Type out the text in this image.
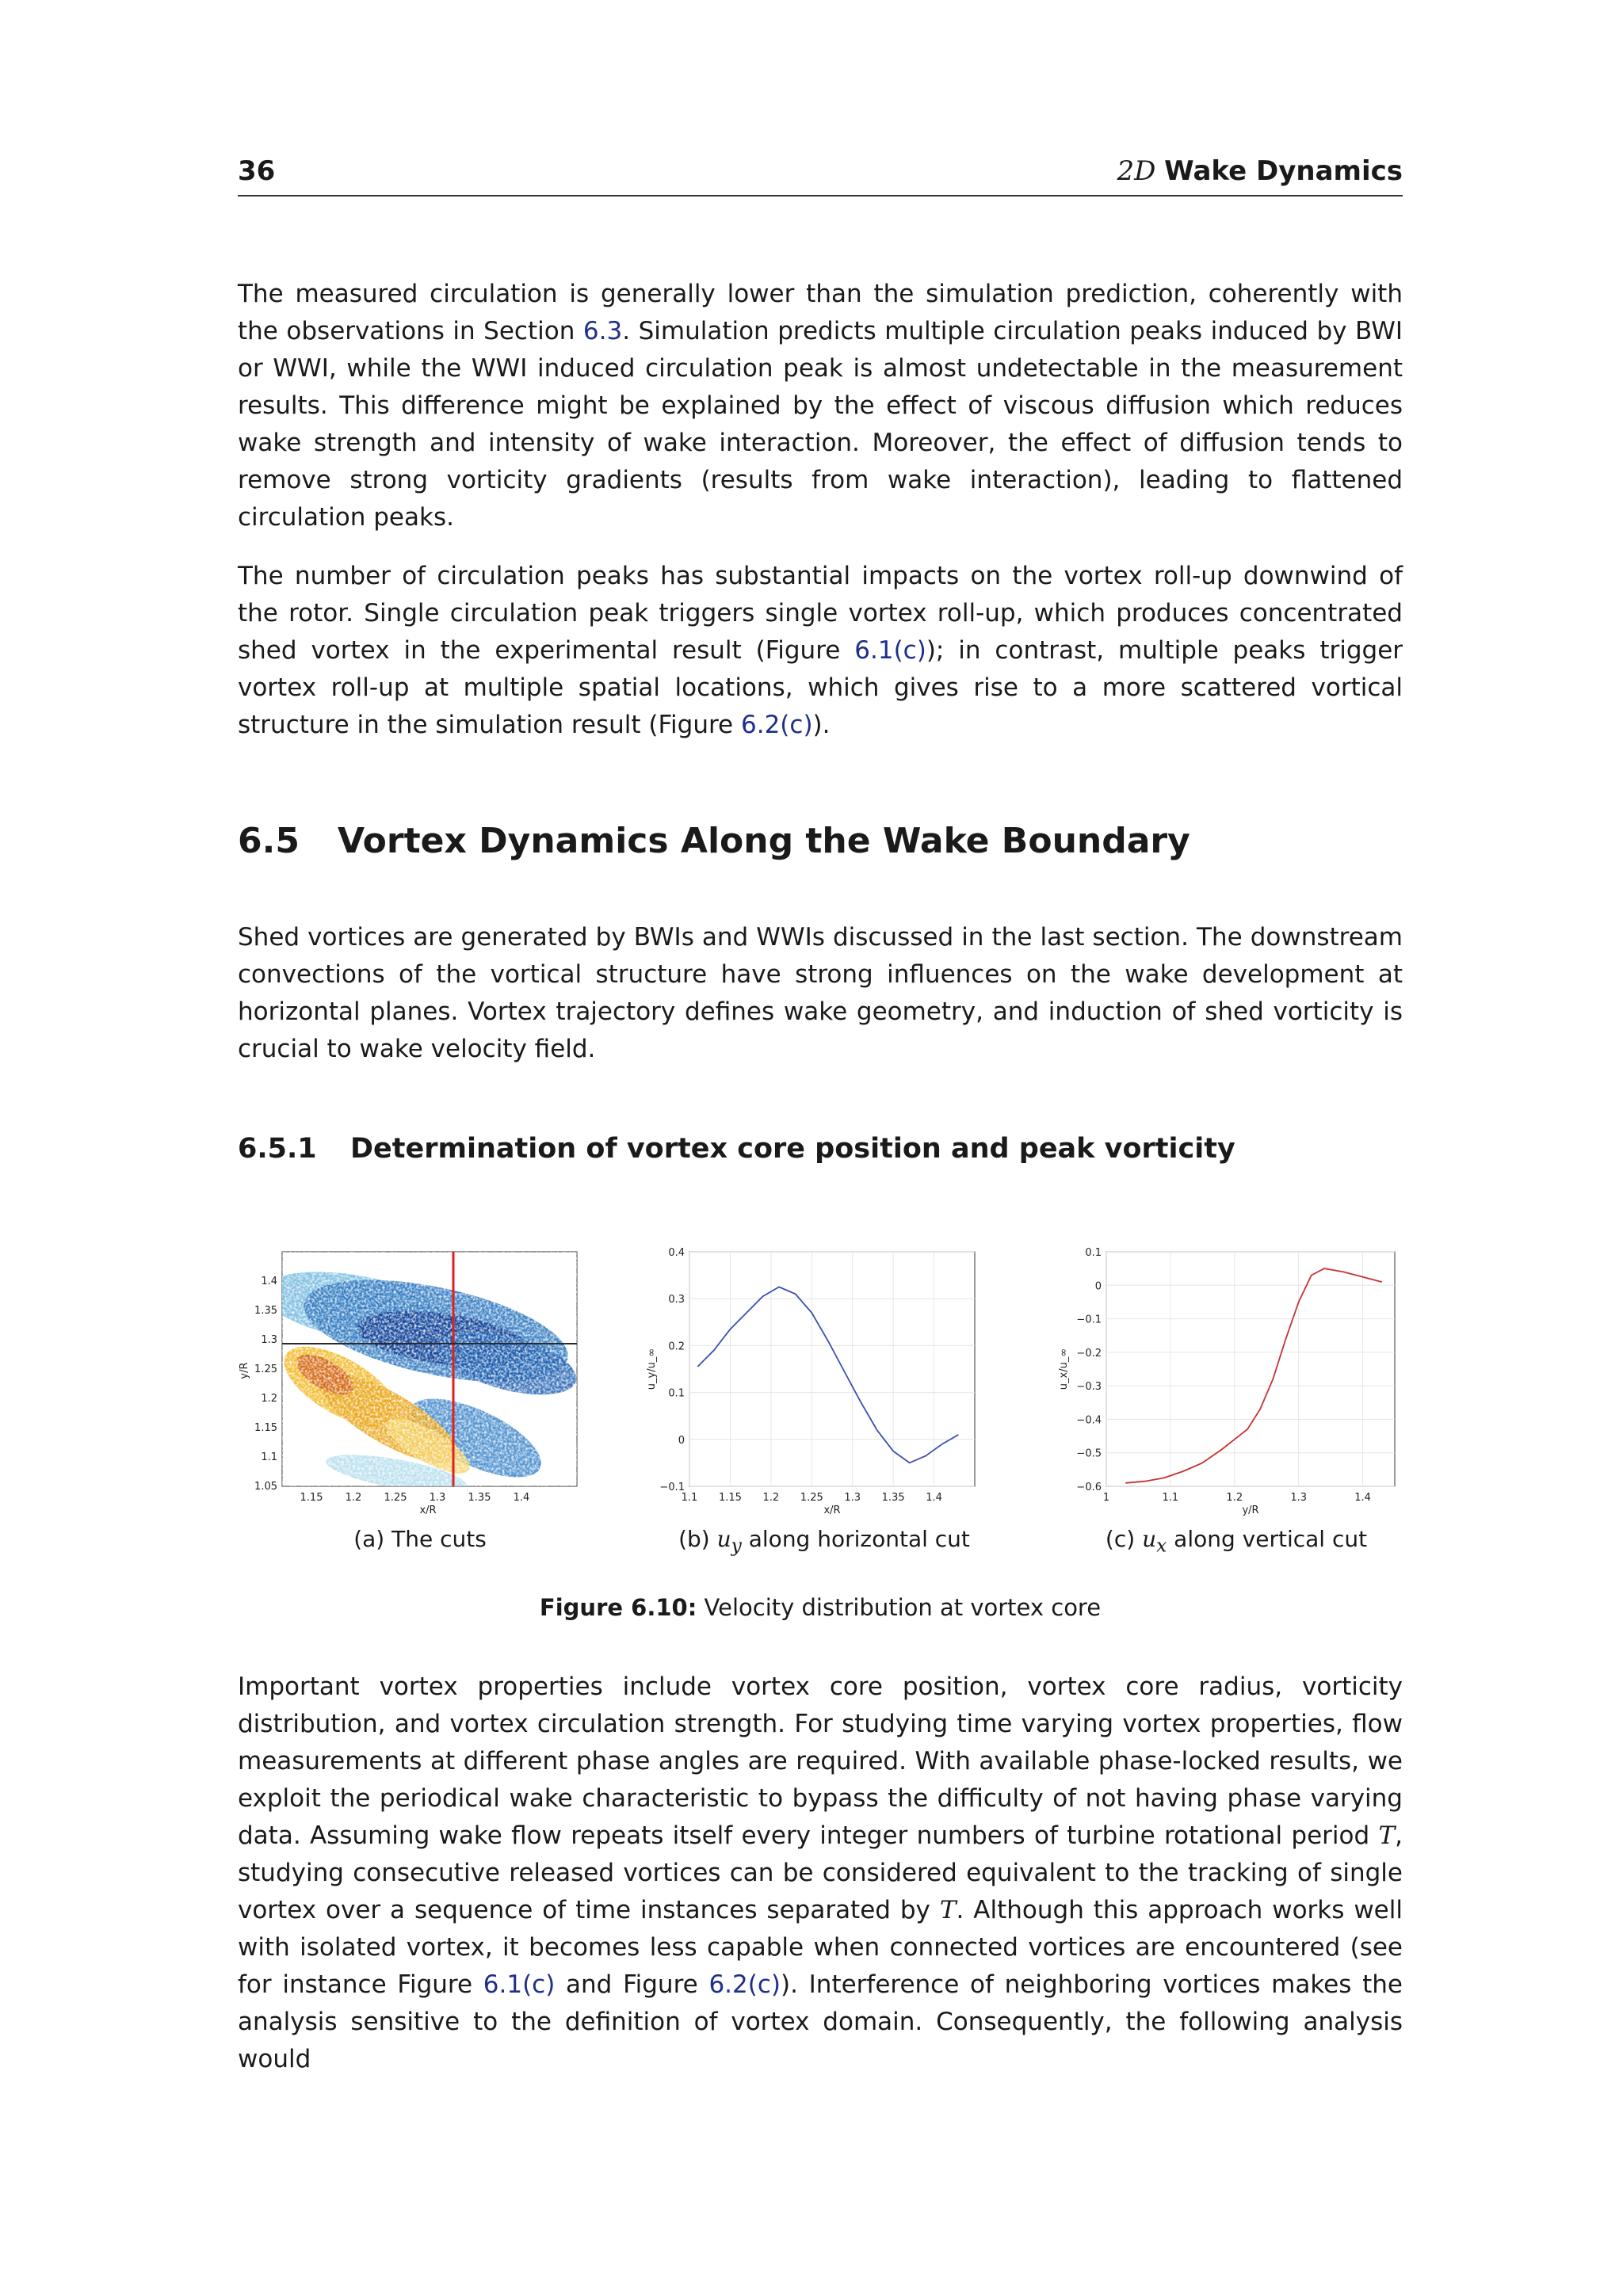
36	2D Wake Dynamics

The measured circulation is generally lower than the simulation prediction, coherently with the observations in Section 6.3. Simulation predicts multiple circulation peaks induced by BWI or WWI, while the WWI induced circulation peak is almost undetectable in the measurement results. This difference might be explained by the effect of viscous diffusion which reduces wake strength and intensity of wake interaction. Moreover, the effect of diffusion tends to remove strong vorticity gradients (results from wake interaction), leading to flattened circulation peaks.

The number of circulation peaks has substantial impacts on the vortex roll-up downwind of the rotor. Single circulation peak triggers single vortex roll-up, which produces concentrated shed vortex in the experimental result (Figure 6.1(c)); in contrast, multiple peaks trigger vortex roll-up at multiple spatial locations, which gives rise to a more scattered vortical structure in the simulation result (Figure 6.2(c)).

6.5 Vortex Dynamics Along the Wake Boundary

Shed vortices are generated by BWIs and WWIs discussed in the last section. The downstream convections of the vortical structure have strong influences on the wake development at horizontal planes. Vortex trajectory defines wake geometry, and induction of shed vorticity is crucial to wake velocity field.

6.5.1 Determination of vortex core position and peak vorticity
1.05
1.1
1.15
1.2
1.25
1.3
1.35
1.4
1.15 1.2 1.25 1.3 1.35 1.4
x/R
y/R
(a) The cuts
1.1 1.15 1.2 1.25 1.3 1.35 1.4
−0.1
0
0.1
0.2
0.3
0.4
x/R
u_y/u_∞
(b) $u_y$ along horizontal cut
1	1.1	1.2	1.3	1.4
−0.6
−0.5
−0.4
−0.3
−0.2
−0.1
0
0.1
y/R
u_x/u_∞
(c) $u_x$ along vertical cut
Figure 6.10: Velocity distribution at vortex core

Important vortex properties include vortex core position, vortex core radius, vorticity distribution, and vortex circulation strength. For studying time varying vortex properties, flow measurements at different phase angles are required. With available phase-locked results, we exploit the periodical wake characteristic to bypass the difficulty of not having phase varying data. Assuming wake flow repeats itself every integer numbers of turbine rotational period T, studying consecutive released vortices can be considered equivalent to the tracking of single vortex over a sequence of time instances separated by T. Although this approach works well with isolated vortex, it becomes less capable when connected vortices are encountered (see for instance Figure 6.1(c) and Figure 6.2(c)). Interference of neighboring vortices makes the analysis sensitive to the definition of vortex domain. Consequently, the following analysis would
